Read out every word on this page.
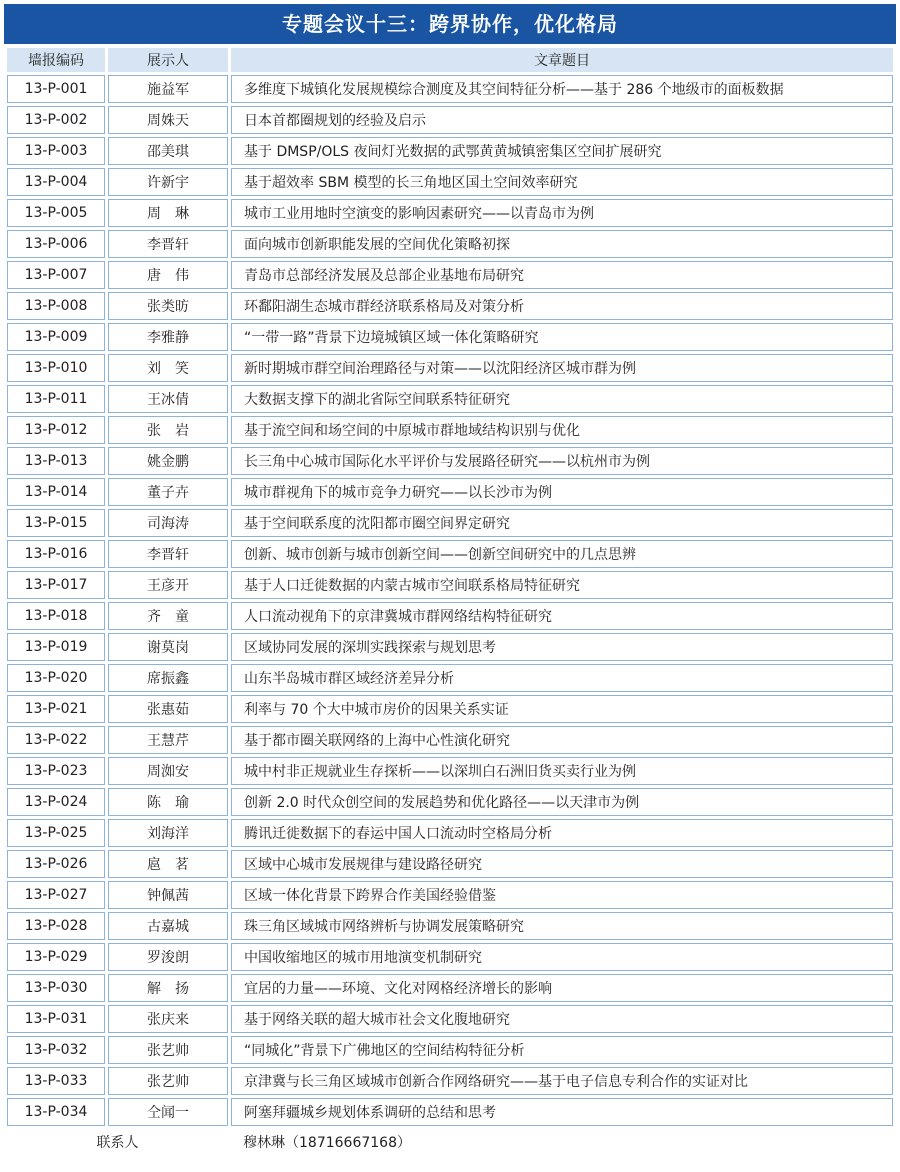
专题会议十三：跨界协作，优化格局
墙报编码	展示人	文章题目
13-P-001	施益军	多维度下城镇化发展规模综合测度及其空间特征分析——基于 286 个地级市的面板数据
13-P-002	周姝天	日本首都圈规划的经验及启示
13-P-003	邵美琪	基于 DMSP/OLS 夜间灯光数据的武鄂黄黄城镇密集区空间扩展研究
13-P-004	许新宇	基于超效率 SBM 模型的长三角地区国土空间效率研究
13-P-005	周　琳	城市工业用地时空演变的影响因素研究——以青岛市为例
13-P-006	李晋轩	面向城市创新职能发展的空间优化策略初探
13-P-007	唐　伟	青岛市总部经济发展及总部企业基地布局研究
13-P-008	张类昉	环鄱阳湖生态城市群经济联系格局及对策分析
13-P-009	李雅静	“一带一路”背景下边境城镇区域一体化策略研究
13-P-010	刘　笑	新时期城市群空间治理路径与对策——以沈阳经济区城市群为例
13-P-011	王冰倩	大数据支撑下的湖北省际空间联系特征研究
13-P-012	张　岩	基于流空间和场空间的中原城市群地域结构识别与优化
13-P-013	姚金鹏	长三角中心城市国际化水平评价与发展路径研究——以杭州市为例
13-P-014	董子卉	城市群视角下的城市竞争力研究——以长沙市为例
13-P-015	司海涛	基于空间联系度的沈阳都市圈空间界定研究
13-P-016	李晋轩	创新、城市创新与城市创新空间——创新空间研究中的几点思辨
13-P-017	王彦开	基于人口迁徙数据的内蒙古城市空间联系格局特征研究
13-P-018	齐　童	人口流动视角下的京津冀城市群网络结构特征研究
13-P-019	谢莫岗	区域协同发展的深圳实践探索与规划思考
13-P-020	席振鑫	山东半岛城市群区域经济差异分析
13-P-021	张惠茹	利率与 70 个大中城市房价的因果关系实证
13-P-022	王慧芹	基于都市圈关联网络的上海中心性演化研究
13-P-023	周洳安	城中村非正规就业生存探析——以深圳白石洲旧货买卖行业为例
13-P-024	陈　瑜	创新 2.0 时代众创空间的发展趋势和优化路径——以天津市为例
13-P-025	刘海洋	腾讯迁徙数据下的春运中国人口流动时空格局分析
13-P-026	扈　茗	区域中心城市发展规律与建设路径研究
13-P-027	钟佩茜	区域一体化背景下跨界合作美国经验借鉴
13-P-028	古嘉城	珠三角区域城市网络辨析与协调发展策略研究
13-P-029	罗浚朗	中国收缩地区的城市用地演变机制研究
13-P-030	解　扬	宜居的力量——环境、文化对网格经济增长的影响
13-P-031	张庆来	基于网络关联的超大城市社会文化腹地研究
13-P-032	张艺帅	“同城化”背景下广佛地区的空间结构特征分析
13-P-033	张艺帅	京津冀与长三角区域城市创新合作网络研究——基于电子信息专利合作的实证对比
13-P-034	仝闻一	阿塞拜疆城乡规划体系调研的总结和思考
联系人		穆林琳（18716667168）
